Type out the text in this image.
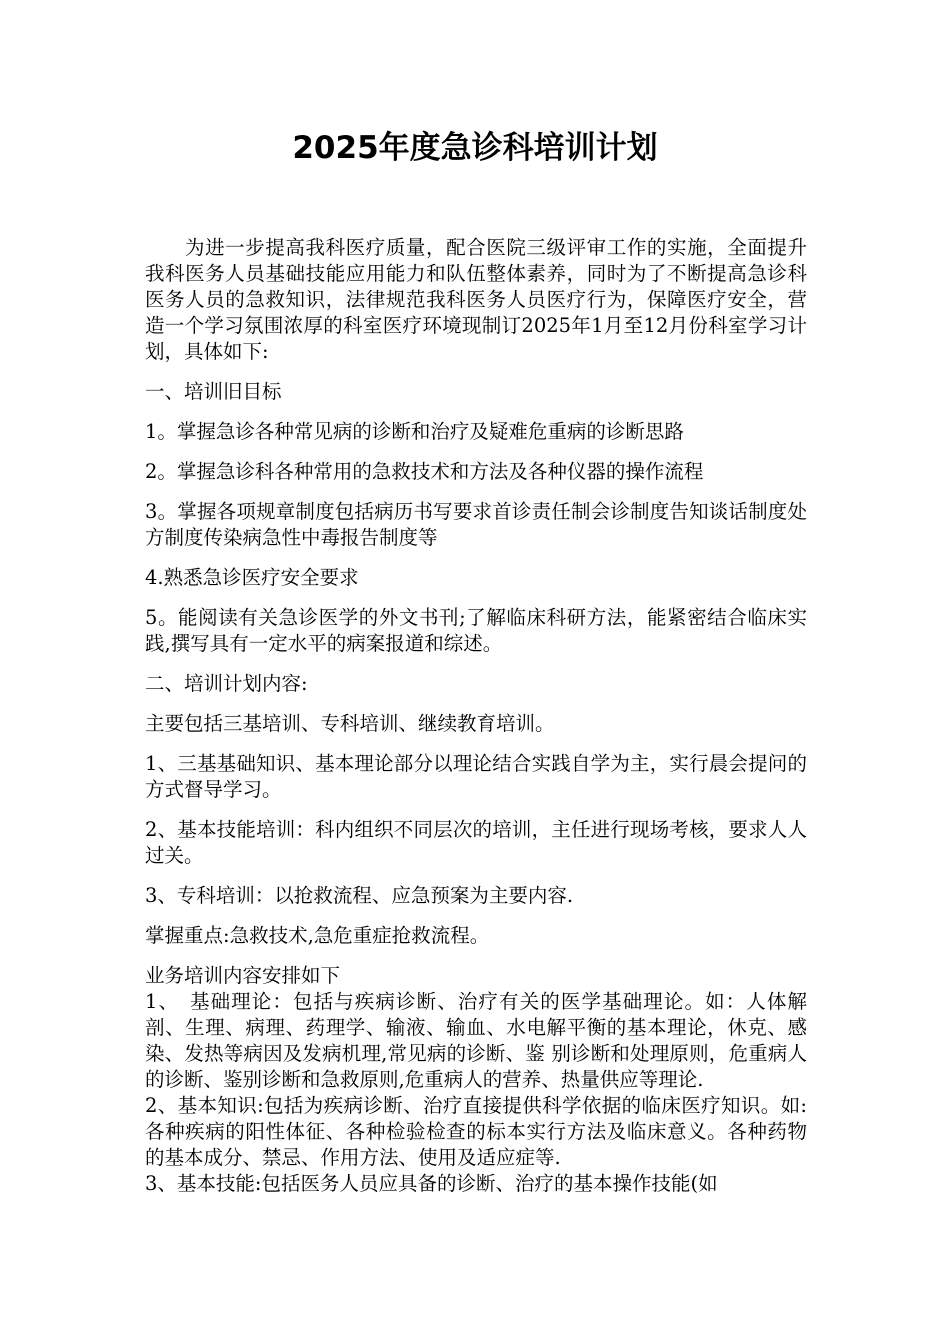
2025年度急诊科培训计划

为进一步提高我科医疗质量，配合医院三级评审工作的实施，全面提升我科医务人员基础技能应用能力和队伍整体素养，同时为了不断提高急诊科医务人员的急救知识，法律规范我科医务人员医疗行为，保障医疗安全，营造一个学习氛围浓厚的科室医疗环境现制订2025年1月至12月份科室学习计划，具体如下:

一、培训旧目标

1。掌握急诊各种常见病的诊断和治疗及疑难危重病的诊断思路

2。掌握急诊科各种常用的急救技术和方法及各种仪器的操作流程

3。掌握各项规章制度包括病历书写要求首诊责任制会诊制度告知谈话制度处方制度传染病急性中毒报告制度等

4.熟悉急诊医疗安全要求

5。能阅读有关急诊医学的外文书刊;了解临床科研方法，能紧密结合临床实践,撰写具有一定水平的病案报道和综述。

二、培训计划内容:

主要包括三基培训、专科培训、继续教育培训。

1、三基基础知识、基本理论部分以理论结合实践自学为主，实行晨会提问的方式督导学习。

2、基本技能培训：科内组织不同层次的培训，主任进行现场考核，要求人人过关。

3、专科培训：以抢救流程、应急预案为主要内容.

掌握重点:急救技术,急危重症抢救流程。

业务培训内容安排如下

1、　基础理论：包括与疾病诊断、治疗有关的医学基础理论。如：人体解剖、生理、病理、药理学、输液、输血、水电解平衡的基本理论，休克、感染、发热等病因及发病机理,常见病的诊断、鉴 别诊断和处理原则，危重病人的诊断、鉴别诊断和急救原则,危重病人的营养、热量供应等理论.

2、基本知识:包括为疾病诊断、治疗直接提供科学依据的临床医疗知识。如:各种疾病的阳性体征、各种检验检查的标本实行方法及临床意义。各种药物的基本成分、禁忌、作用方法、使用及适应症等.

3、基本技能:包括医务人员应具备的诊断、治疗的基本操作技能(如
